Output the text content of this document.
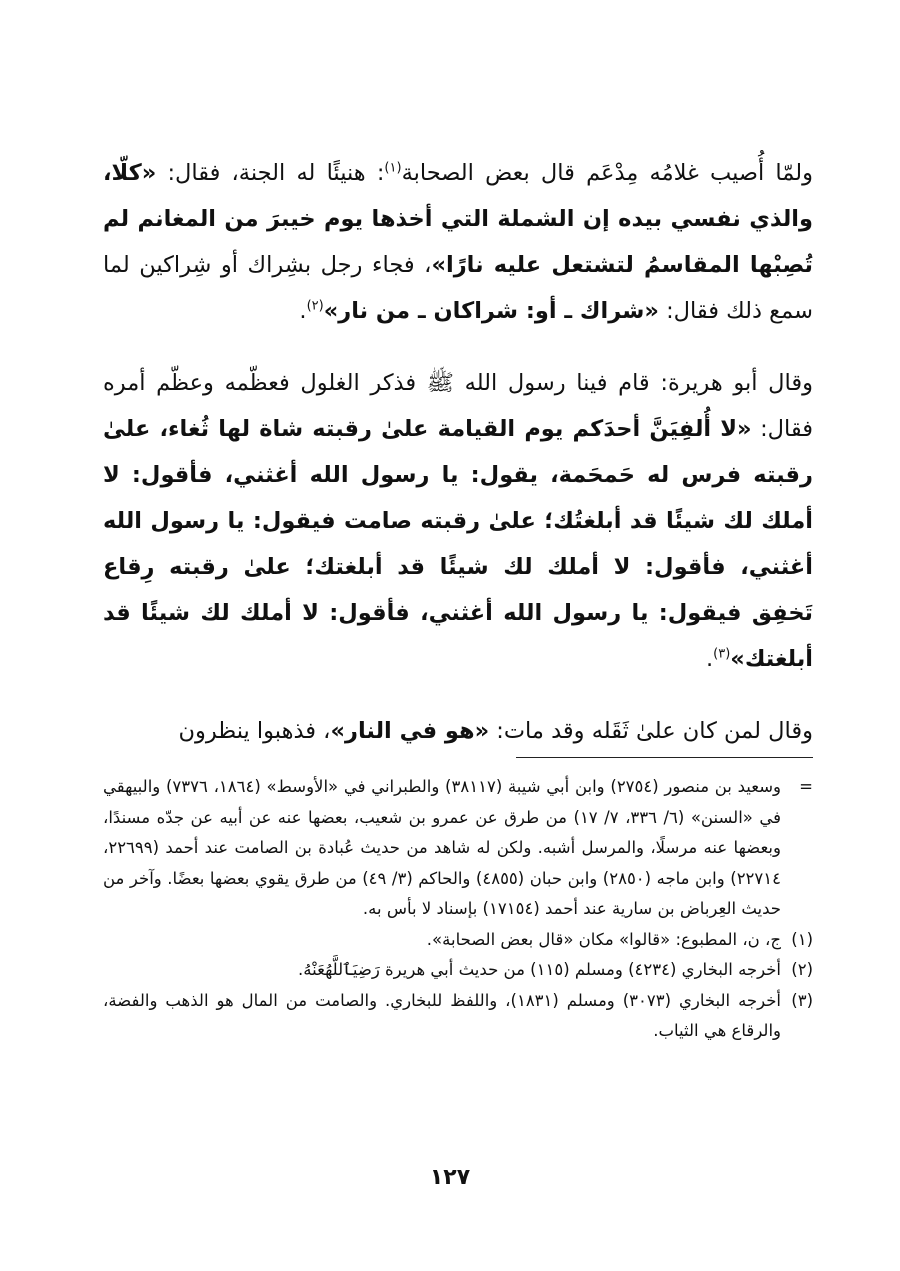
ولمّا أُصيب غلامُه مِدْعَم قال بعض الصحابة$^{(١)}$: هنيئًا له الجنة، فقال: «كلّا، والذي نفسي بيده إن الشملة التي أخذها يوم خيبرَ من المغانم لم تُصِبْها المقاسمُ لتشتعل عليه نارًا»، فجاء رجل بشِراك أو شِراكين لما سمع ذلك فقال: «شراك ـ أو: شراكان ـ من نار»$^{(٢)}$.

وقال أبو هريرة: قام فينا رسول الله ﷺ فذكر الغلول فعظّمه وعظّم أمره فقال: «لا أُلفِيَنَّ أحدَكم يوم القيامة علىٰ رقبته شاة لها ثُغاء، علىٰ رقبته فرس له حَمحَمة، يقول: يا رسول الله أغثني، فأقول: لا أملك لك شيئًا قد أبلغتُك؛ علىٰ رقبته صامت فيقول: يا رسول الله أغثني، فأقول: لا أملك لك شيئًا قد أبلغتك؛ علىٰ رقبته رِقاع تَخفِق فيقول: يا رسول الله أغثني، فأقول: لا أملك لك شيئًا قد أبلغتك»$^{(٣)}$.

وقال لمن كان علىٰ ثَقَله وقد مات: «هو في النار»، فذهبوا ينظرون

=
وسعيد بن منصور (٢٧٥٤) وابن أبي شيبة (٣٨١١٧) والطبراني في «الأوسط» (١٨٦٤، ٧٣٧٦) والبيهقي في «السنن» (٦/ ٣٣٦، ٧/ ١٧) من طرق عن عمرو بن شعيب، بعضها عنه عن أبيه عن جدّه مسندًا، وبعضها عنه مرسلًا، والمرسل أشبه. ولكن له شاهد من حديث عُبادة بن الصامت عند أحمد (٢٢٦٩٩، ٢٢٧١٤) وابن ماجه (٢٨٥٠) وابن حبان (٤٨٥٥) والحاكم (٣/ ٤٩) من طرق يقوي بعضها بعضًا. وآخر من حديث العِرباض بن سارية عند أحمد (١٧١٥٤) بإسناد لا بأس به.
(١)
ج، ن، المطبوع: «قالوا» مكان «قال بعض الصحابة».
(٢)
أخرجه البخاري (٤٢٣٤) ومسلم (١١٥) من حديث أبي هريرة رَضِيَٱللَّهُعَنْهُ.
(٣)
أخرجه البخاري (٣٠٧٣) ومسلم (١٨٣١)، واللفظ للبخاري. والصامت من المال هو الذهب والفضة، والرقاع هي الثياب.
١٢٧
